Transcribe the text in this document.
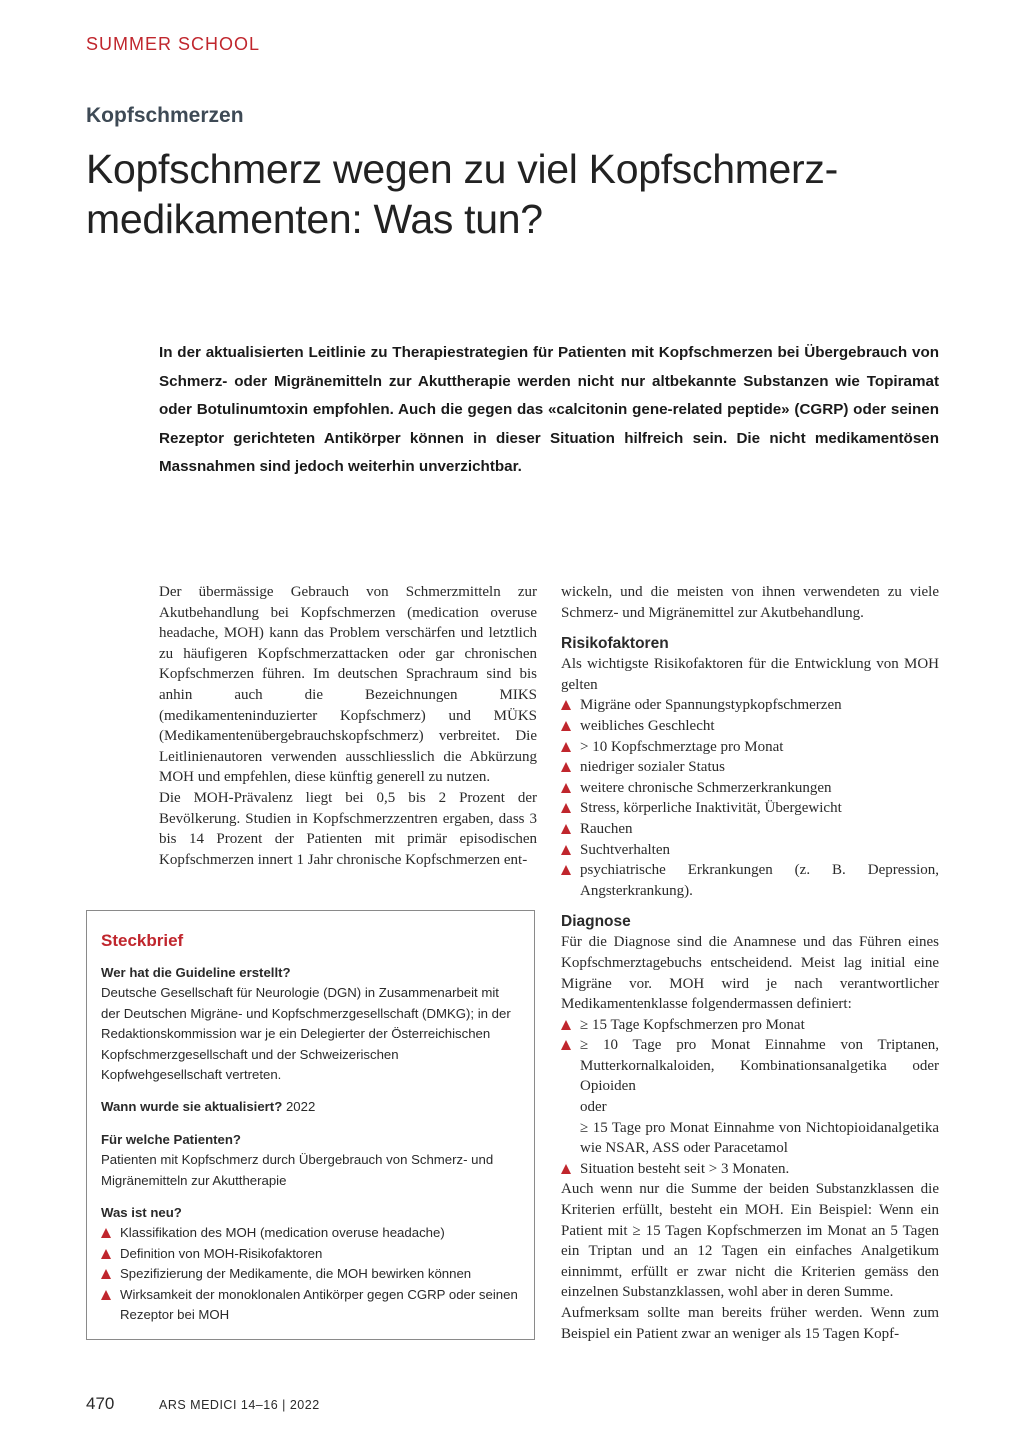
SUMMER SCHOOL
Kopfschmerzen
Kopfschmerz wegen zu viel Kopfschmerzmedikamenten: Was tun?
In der aktualisierten Leitlinie zu Therapiestrategien für Patienten mit Kopfschmerzen bei Übergebrauch von Schmerz- oder Migränemitteln zur Akuttherapie werden nicht nur altbekannte Substanzen wie Topiramat oder Botulinumtoxin empfohlen. Auch die gegen das «calcitonin gene-related peptide» (CGRP) oder seinen Rezeptor gerichteten Antikörper können in dieser Situation hilfreich sein. Die nicht medikamentösen Massnahmen sind jedoch weiterhin unverzichtbar.

Der übermässige Gebrauch von Schmerzmitteln zur Akutbehandlung bei Kopfschmerzen (medication overuse headache, MOH) kann das Problem verschärfen und letztlich zu häufigeren Kopfschmerzattacken oder gar chronischen Kopfschmerzen führen. Im deutschen Sprachraum sind bis anhin auch die Bezeichnungen MIKS (medikamenteninduzierter Kopfschmerz) und MÜKS (Medikamentenübergebrauchskopfschmerz) verbreitet. Die Leitlinienautoren verwenden ausschliesslich die Abkürzung MOH und empfehlen, diese künftig generell zu nutzen.

Die MOH-Prävalenz liegt bei 0,5 bis 2 Prozent der Bevölkerung. Studien in Kopfschmerzzentren ergaben, dass 3 bis 14 Prozent der Patienten mit primär episodischen Kopfschmerzen innert 1 Jahr chronische Kopfschmerzen ent-

wickeln, und die meisten von ihnen verwendeten zu viele Schmerz- und Migränemittel zur Akutbehandlung.

Risikofaktoren

Als wichtigste Risikofaktoren für die Entwicklung von MOH gelten

Migräne oder Spannungstypkopfschmerzen
weibliches Geschlecht
> 10 Kopfschmerztage pro Monat
niedriger sozialer Status
weitere chronische Schmerzerkrankungen
Stress, körperliche Inaktivität, Übergewicht
Rauchen
Suchtverhalten
psychiatrische Erkrankungen (z. B. Depression, Angsterkrankung).
Diagnose

Für die Diagnose sind die Anamnese und das Führen eines Kopfschmerztagebuchs entscheidend. Meist lag initial eine Migräne vor. MOH wird je nach verantwortlicher Medikamentenklasse folgendermassen definiert:

≥ 15 Tage Kopfschmerzen pro Monat
≥ 10 Tage pro Monat Einnahme von Triptanen, Mutterkornalkaloiden, Kombinationsanalgetika oder Opioiden

oder

≥ 15 Tage pro Monat Einnahme von Nichtopioidanalgetika wie NSAR, ASS oder Paracetamol

Situation besteht seit > 3 Monaten.

Auch wenn nur die Summe der beiden Substanzklassen die Kriterien erfüllt, besteht ein MOH. Ein Beispiel: Wenn ein Patient mit ≥ 15 Tagen Kopfschmerzen im Monat an 5 Tagen ein Triptan und an 12 Tagen ein einfaches Analgetikum einnimmt, erfüllt er zwar nicht die Kriterien gemäss den einzelnen Substanzklassen, wohl aber in deren Summe.

Aufmerksam sollte man bereits früher werden. Wenn zum Beispiel ein Patient zwar an weniger als 15 Tagen Kopf-

Steckbrief

Wer hat die Guideline erstellt?

Deutsche Gesellschaft für Neurologie (DGN) in Zusammenarbeit mit der Deutschen Migräne- und Kopfschmerzgesellschaft (DMKG); in der Redaktionskommission war je ein Delegierter der Österreichischen Kopfschmerzgesellschaft und der Schweizerischen Kopfwehgesellschaft vertreten.

Wann wurde sie aktualisiert? 2022

Für welche Patienten?

Patienten mit Kopfschmerz durch Übergebrauch von Schmerz- und Migränemitteln zur Akuttherapie

Was ist neu?

Klassifikation des MOH (medication overuse headache)
Definition von MOH-Risikofaktoren
Spezifizierung der Medikamente, die MOH bewirken können
Wirksamkeit der monoklonalen Antikörper gegen CGRP oder seinen Rezeptor bei MOH
470	ARS MEDICI 14–16 | 2022
